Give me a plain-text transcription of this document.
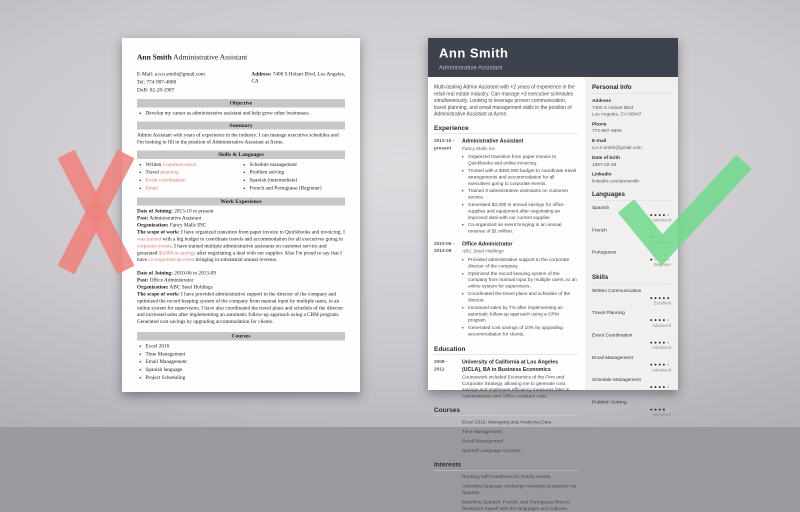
Ann Smith Administrative Assistant
E-Mail: a.n.n.smith@gmail.com
Tel: 774-987-4808
DoB: 02-28-1987
Address: 7400 S Hobart Blvd, Los Angeles, CA
Objective
• Develop my career as administrative assistant and help grow other businesses.
Summary
Admin Assistant with years of experience in the industry. I can manage executive schedules and I'm looking to fill in the position of Administrative Assistant at Acme.
Skills & Languages
• Written Communication
• Travel planning
• Event coordination
• Email
• Schedule management
• Problem solving
• Spanish (intermediate)
• French and Portuguese (Beginner)
Work Experience

Date of Joining: 2013-10 to present

Post: Administrative Assistant

Organization: Fancy Malls INC

The scope of work: I have organized transition from paper invoice to Quickbooks and invoicing. I was trained with a big budget to coordinate travels and accommodation for all executives going to corporate events. I have trained multiple administrative assistants on customer service and generated $3,000 in savings after negotiating a deal with our supplier. Also I'm proud to say that I have co-organized an event bringing in substantial annual revenue.

Date of Joining: 2010-06 to 2013-09

Post: Office Administrator

Organization: ABC Steel Holdings

The scope of work: I have provided administrative support to the director of the company and optimized the record keeping system of the company from manual input by multiple users, to an online system for supervisors. I have also coordinated the travel plans and schedule of the director and increased sales after implementing an automatic follow-up approach using a CRM program. Generated cost savings by upgrading accommodation for clients.

Courses
• Excel 2016
• Time Management
• Email Management
• Spanish language
• Project Scheduling
Ann Smith
Administrative Assistant
Multi-tasking Admin Assistant with +2 years of experience in the retail real estate industry. Can manage +3 executive schedules simultaneously. Looking to leverage proven communication, travel planning, and email management skills in the position of Administrative Assistant at Acme.
Experience
2013-10 -
present
Administrative Assistant
Fancy Malls Inc.
• Organized transition from paper invoice to Quickbooks and online invoicing.
• Trusted with a $350,000 budget to coordinate travel arrangements and accommodation for all executives going to corporate events.
• Trained 3 administrative assistants on customer service.
• Generated $3,000 in annual savings for office supplies and equipment after negotiating an improved deal with our current supplier.
• Co-organized an event bringing in an annual revenue of $1 million.
2010-06 -
2013-09
Office Administrator
ABC Steel Holdings
• Provided administrative support to the corporate director of the company.
• Optimized the record keeping system of the company from manual input by multiple users, to an online system for supervisors.
• Coordinated the travel plans and schedule of the director.
• Increased sales by 7% after implementing an automatic follow-up approach using a CRM program.
• Generated cost savings of 10% by upgrading accommodation for clients.
Education
2008 -
2012
University of California at Los Angeles (UCLA), BA in Business Economics
Coursework included Economics of the Firm and Corporate Strategy, allowing me to generate cost savings and implement efficiency measures later in Administrative and Office Assistant roles.
Courses
Excel 2016: Managing and Analyzing Data
Time Management
Email Management
Spanish Language Courses
Interests
Running half-marathons for charity events.
Attending language exchange meetings to practice my Spanish.
Watching Spanish, French, and Portuguese films to familiarize myself with the languages and cultures.
Personal Info
Address
7400 S Hobart Blvd
Los Angeles, CA 90047
Phone
774-987-4808
E-mail
a.n.n.smith@gmail.com
Date of birth
1987-02-28
LinkedIn
linkedin.com/annsmith
Languages
Spanish
●●●●●
Advanced
French
●●●●●
Beginner
Portuguese
●●●●●
Beginner
Skills
Written Communication
●●●●●
Excellent
Travel Planning
●●●●●
Advanced
Event Coordination
●●●●●
Advanced
Email Management
●●●●●
Advanced
Schedule Management
●●●●●
Advanced
Problem Solving
●●●●●
Advanced
